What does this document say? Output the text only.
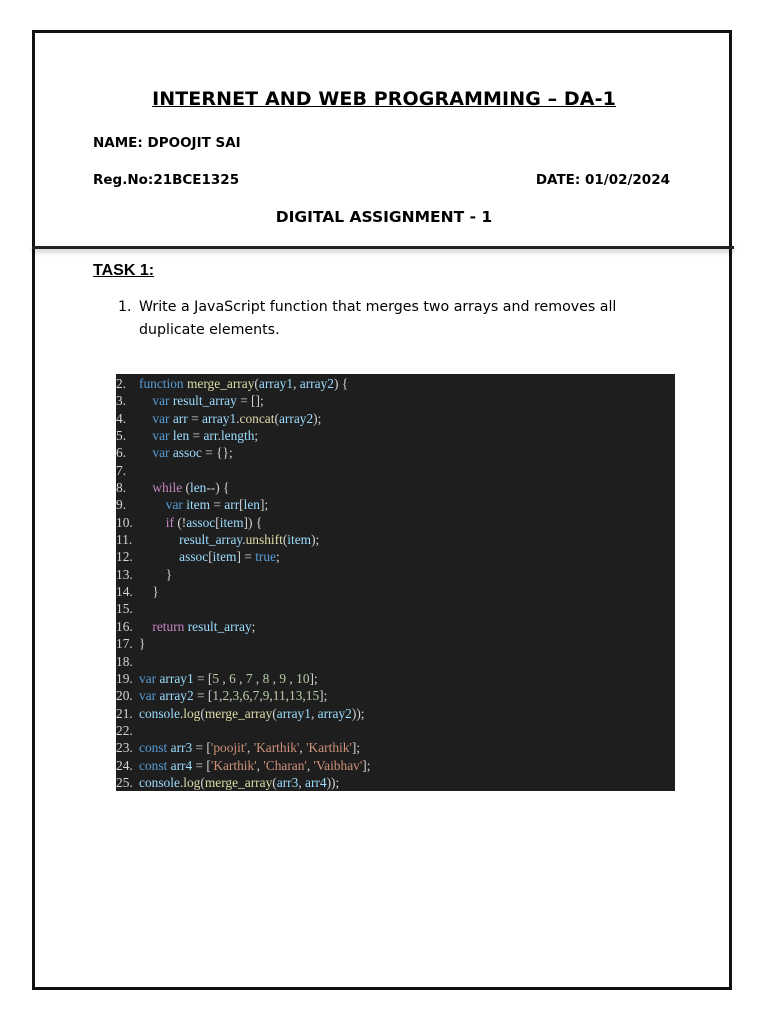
INTERNET AND WEB PROGRAMMING – DA-1
NAME: DPOOJIT SAI
Reg.No:21BCE1325	DATE: 01/02/2024
DIGITAL ASSIGNMENT - 1
TASK 1:
1. Write a JavaScript function that merges two arrays and removes all duplicate elements.
2. function merge_array(array1, array2) {
3.	var result_array = [];
4.	var arr = array1.concat(array2);
5.	var len = arr.length;
6.	var assoc = {};
7.
8.	while (len--) {
9.	var item = arr[len];
10.	if (!assoc[item]) {
11.	result_array.unshift(item);
12.	assoc[item] = true;
13. }
14. }
15.
16.	return result_array;
17. }
18.
19. var array1 = [5 , 6 , 7 , 8 , 9 , 10];
20. var array2 = [1,2,3,6,7,9,11,13,15];
21. console.log(merge_array(array1, array2));
22.
23. const arr3 = ['poojit', 'Karthik', 'Karthik'];
24. const arr4 = ['Karthik', 'Charan', 'Vaibhav'];
25. console.log(merge_array(arr3, arr4));
